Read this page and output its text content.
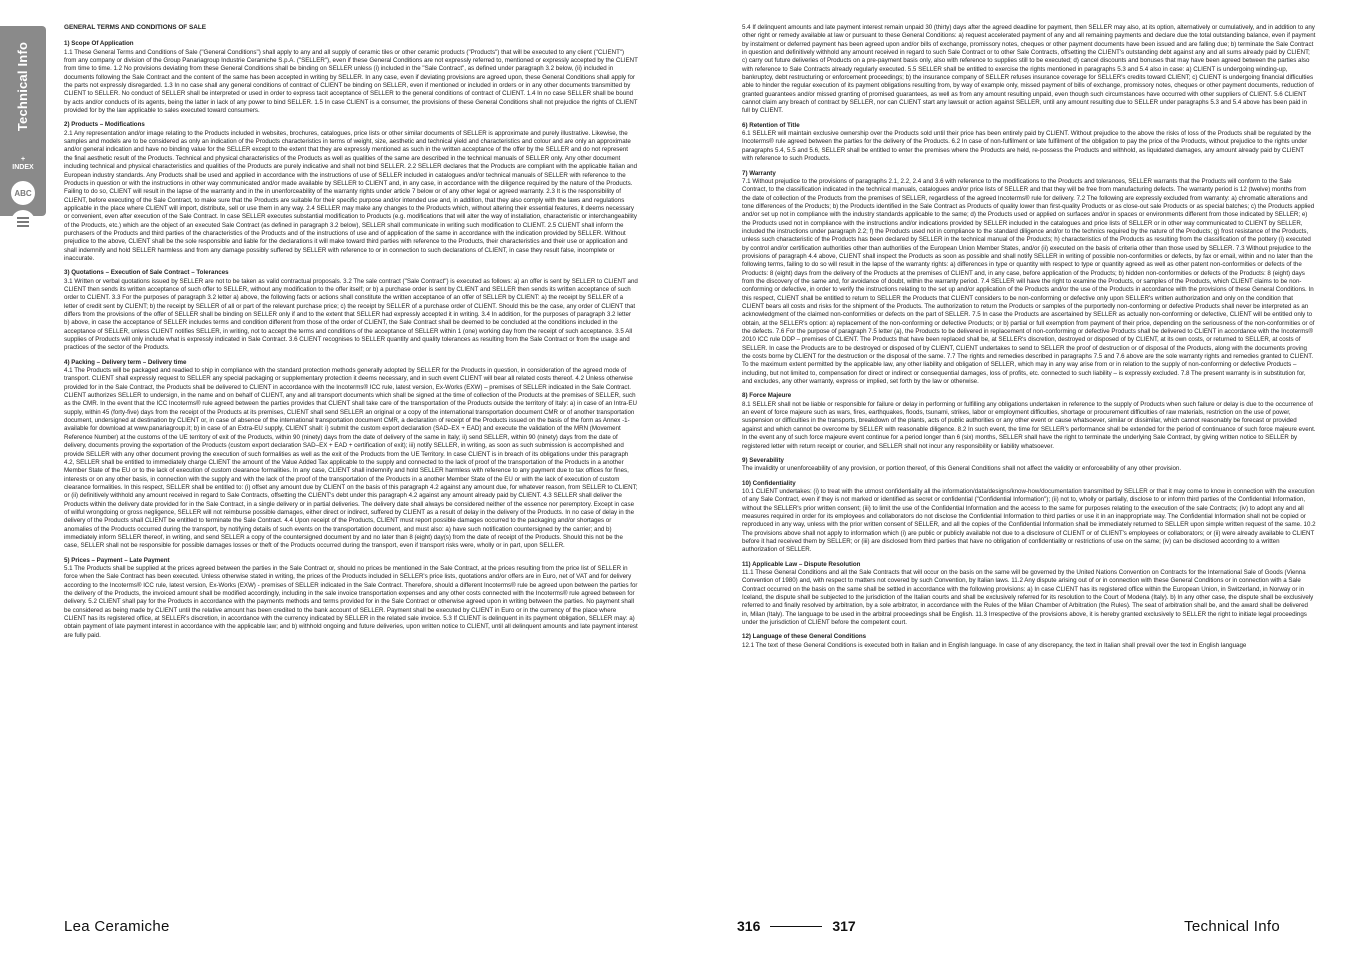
Technical Info
+
INDEX
ABC
GENERAL TERMS AND CONDITIONS OF SALE
1) Scope Of Application

1.1 These General Terms and Conditions of Sale ("General Conditions") shall apply to any and all supply of ceramic tiles or other ceramic products ("Products") that will be executed to any client ("CLIENT") from any company or division of the Group Panariagroup Industrie Ceramiche S.p.A. ("SELLER"), even if these General Conditions are not expressly referred to, mentioned or expressly accepted by the CLIENT from time to time. 1.2 No provisions deviating from these General Conditions shall be binding on SELLER unless (i) included in the "Sale Contract", as defined under paragraph 3.2 below, (ii) included in documents following the Sale Contract and the content of the same has been accepted in writing by SELLER. In any case, even if deviating provisions are agreed upon, these General Conditions shall apply for the parts not expressly disregarded. 1.3 In no case shall any general conditions of contract of CLIENT be binding on SELLER, even if mentioned or included in orders or in any other documents transmitted by CLIENT to SELLER. No conduct of SELLER shall be interpreted or used in order to express tacit acceptance of SELLER to the general conditions of contract of CLIENT. 1.4 In no case SELLER shall be bound by acts and/or conducts of its agents, being the latter in lack of any power to bind SELLER. 1.5 In case CLIENT is a consumer, the provisions of these General Conditions shall not prejudice the rights of CLIENT provided for by the law applicable to sales executed toward consumers.

2) Products – Modifications

2.1 Any representation and/or image relating to the Products included in websites, brochures, catalogues, price lists or other similar documents of SELLER is approximate and purely illustrative. Likewise, the samples and models are to be considered as only an indication of the Products characteristics in terms of weight, size, aesthetic and technical yield and characteristics and colour and are only an approximate and/or general indication and have no binding value for the SELLER except to the extent that they are expressly mentioned as such in the written acceptance of the offer by the SELLER and do not represent the final aesthetic result of the Products. Technical and physical characteristics of the Products as well as qualities of the same are described in the technical manuals of SELLER only. Any other document including technical and physical characteristics and qualities of the Products are purely indicative and shall not bind SELLER. 2.2 SELLER declares that the Products are compliant with the applicable Italian and European industry standards. Any Products shall be used and applied in accordance with the instructions of use of SELLER included in catalogues and/or technical manuals of SELLER with reference to the Products in question or with the instructions in other way communicated and/or made available by SELLER to CLIENT and, in any case, in accordance with the diligence required by the nature of the Products. Failing to do so, CLIENT will result in the lapse of the warranty and in the in unenforceability of the warranty rights under article 7 below or of any other legal or agreed warranty. 2.3 It is the responsibility of CLIENT, before executing of the Sale Contract, to make sure that the Products are suitable for their specific purpose and/or intended use and, in addition, that they also comply with the laws and regulations applicable in the place where CLIENT will import, distribute, sell or use them in any way. 2.4 SELLER may make any changes to the Products which, without altering their essential features, it deems necessary or convenient, even after execution of the Sale Contract. In case SELLER executes substantial modification to Products (e.g. modifications that will alter the way of installation, characteristic or interchangeability of the Products, etc.) which are the object of an executed Sale Contract (as defined in paragraph 3.2 below), SELLER shall communicate in writing such modification to CLIENT. 2.5 CLIENT shall inform the purchasers of the Products and third parties of the characteristics of the Products and of the instructions of use and of application of the same in accordance with the indication provided by SELLER. Without prejudice to the above, CLIENT shall be the sole responsible and liable for the declarations it will make toward third parties with reference to the Products, their characteristics and their use or application and shall indemnify and hold SELLER harmless and from any damage possibly suffered by SELLER with reference to or in connection to such declarations of CLIENT, in case they result false, incomplete or inaccurate.

3) Quotations – Execution of Sale Contract – Tolerances

3.1 Written or verbal quotations issued by SELLER are not to be taken as valid contractual proposals. 3.2 The sale contract ("Sale Contract") is executed as follows: a) an offer is sent by SELLER to CLIENT and CLIENT then sends its written acceptance of such offer to SELLER, without any modification to the offer itself; or b) a purchase order is sent by CLIENT and SELLER then sends its written acceptance of such order to CLIENT. 3.3 For the purposes of paragraph 3.2 letter a) above, the following facts or actions shall constitute the written acceptance of an offer of SELLER by CLIENT: a) the receipt by SELLER of a letter of credit sent by CLIENT; b) the receipt by SELLER of all or part of the relevant purchase price; c) the receipt by SELLER of a purchase order of CLIENT. Should this be the case, any order of CLIENT that differs from the provisions of the offer of SELLER shall be binding on SELLER only if and to the extent that SELLER had expressly accepted it in writing. 3.4 In addition, for the purposes of paragraph 3.2 letter b) above, in case the acceptance of SELLER includes terms and condition different from those of the order of CLIENT, the Sale Contract shall be deemed to be concluded at the conditions included in the acceptance of SELLER, unless CLIENT notifies SELLER, in writing, not to accept the terms and conditions of the acceptance of SELLER within 1 (one) working day from the receipt of such acceptance. 3.5 All supplies of Products will only include what is expressly indicated in Sale Contract. 3.6 CLIENT recognises to SELLER quantity and quality tolerances as resulting from the Sale Contract or from the usage and practices of the sector of the Products.

4) Packing – Delivery term – Delivery time

4.1 The Products will be packaged and readied to ship in compliance with the standard protection methods generally adopted by SELLER for the Products in question, in consideration of the agreed mode of transport. CLIENT shall expressly request to SELLER any special packaging or supplementary protection it deems necessary, and in such event CLIENT will bear all related costs thereof. 4.2 Unless otherwise provided for in the Sale Contract, the Products shall be delivered to CLIENT in accordance with the Incoterms® ICC rule, latest version, Ex-Works (EXW) – premises of SELLER indicated in the Sale Contract. CLIENT authorizes SELLER to undersign, in the name and on behalf of CLIENT, any and all transport documents which shall be signed at the time of collection of the Products at the premises of SELLER, such as the CMR. In the event that the ICC Incoterms® rule agreed between the parties provides that CLIENT shall take care of the transportation of the Products outside the territory of Italy: a) in case of an Intra-EU supply, within 45 (forty-five) days from the receipt of the Products at its premises, CLIENT shall send SELLER an original or a copy of the international transportation document CMR or of another transportation document, undersigned at destination by CLIENT or, in case of absence of the international transportation document CMR, a declaration of receipt of the Products issued on the basis of the form as Annex -1- available for download at www.panariagroup.it; b) in case of an Extra-EU supply, CLIENT shall: i) submit the custom export declaration (SAD–EX + EAD) and execute the validation of the MRN (Movement Reference Number) at the customs of the UE territory of exit of the Products, within 90 (ninety) days from the date of delivery of the same in Italy; ii) send SELLER, within 90 (ninety) days from the date of delivery, documents proving the exportation of the Products (custom export declaration SAD–EX + EAD + certification of exit); iii) notify SELLER, in writing, as soon as such submission is accomplished and provide SELLER with any other document proving the execution of such formalities as well as the exit of the Products from the UE Territory. In case CLIENT is in breach of its obligations under this paragraph 4.2, SELLER shall be entitled to immediately charge CLIENT the amount of the Value Added Tax applicable to the supply and connected to the lack of proof of the transportation of the Products in a another Member State of the EU or to the lack of execution of custom clearance formalities. In any case, CLIENT shall indemnify and hold SELLER harmless with reference to any payment due to tax offices for fines, interests or on any other basis, in connection with the supply and with the lack of the proof of the transportation of the Products in a another Member State of the EU or with the lack of execution of custom clearance formalities. In this respect, SELLER shall be entitled to: (i) offset any amount due by CLIENT on the basis of this paragraph 4.2 against any amount due, for whatever reason, from SELLER to CLIENT; or (ii) definitively withhold any amount received in regard to Sale Contracts, offsetting the CLIENT's debt under this paragraph 4.2 against any amount already paid by CLIENT. 4.3 SELLER shall deliver the Products within the delivery date provided for in the Sale Contract, in a single delivery or in partial deliveries. The delivery date shall always be considered neither of the essence nor peremptory. Except in case of wilful wrongdoing or gross negligence, SELLER will not reimburse possible damages, either direct or indirect, suffered by CLIENT as a result of delay in the delivery of the Products. In no case of delay in the delivery of the Products shall CLIENT be entitled to terminate the Sale Contract. 4.4 Upon receipt of the Products, CLIENT must report possible damages occurred to the packaging and/or shortages or anomalies of the Products occurred during the transport, by notifying details of such events on the transportation document, and must also: a) have such notification countersigned by the carrier; and b) immediately inform SELLER thereof, in writing, and send SELLER a copy of the countersigned document by and no later than 8 (eight) day(s) from the date of receipt of the Products. Should this not be the case, SELLER shall not be responsible for possible damages losses or theft of the Products occurred during the transport, even if transport risks were, wholly or in part, upon SELLER.

5) Prices – Payment – Late Payment

5.1 The Products shall be supplied at the prices agreed between the parties in the Sale Contract or, should no prices be mentioned in the Sale Contract, at the prices resulting from the price list of SELLER in force when the Sale Contract has been executed. Unless otherwise stated in writing, the prices of the Products included in SELLER's price lists, quotations and/or offers are in Euro, net of VAT and for delivery according to the Incoterms® ICC rule, latest version, Ex-Works (EXW) - premises of SELLER indicated in the Sale Contract. Therefore, should a different Incoterms® rule be agreed upon between the parties for the delivery of the Products, the invoiced amount shall be modified accordingly, including in the sale invoice transportation expenses and any other costs connected with the Incoterms® rule agreed between for delivery. 5.2 CLIENT shall pay for the Products in accordance with the payments methods and terms provided for in the Sale Contract or otherwise agreed upon in writing between the parties. No payment shall be considered as being made by CLIENT until the relative amount has been credited to the bank account of SELLER. Payment shall be executed by CLIENT in Euro or in the currency of the place where CLIENT has its registered office, at SELLER's discretion, in accordance with the currency indicated by SELLER in the related sale invoice. 5.3 If CLIENT is delinquent in its payment obligation, SELLER may: a) obtain payment of late payment interest in accordance with the applicable law; and b) withhold ongoing and future deliveries, upon written notice to CLIENT, until all delinquent amounts and late payment interest are fully paid.

5.4 If delinquent amounts and late payment interest remain unpaid 30 (thirty) days after the agreed deadline for payment, then SELLER may also, at its option, alternatively or cumulatively, and in addition to any other right or remedy available at law or pursuant to these General Conditions: a) request accelerated payment of any and all remaining payments and declare due the total outstanding balance, even if payment by instalment or deferred payment has been agreed upon and/or bills of exchange, promissory notes, cheques or other payment documents have been issued and are falling due; b) terminate the Sale Contract in question and definitively withhold any amount received in regard to such Sale Contract or to other Sale Contracts, offsetting the CLIENT's outstanding debt against any and all sums already paid by CLIENT; c) carry out future deliveries of Products on a pre-payment basis only, also with reference to supplies still to be executed; d) cancel discounts and bonuses that may have been agreed between the parties also with reference to Sale Contracts already regularly executed. 5.5 SELLER shall be entitled to exercise the rights mentioned in paragraphs 5.3 and 5.4 also in case: a) CLIENT is undergoing winding-up, bankruptcy, debt restructuring or enforcement proceedings; b) the insurance company of SELLER refuses insurance coverage for SELLER's credits toward CLIENT; c) CLIENT is undergoing financial difficulties able to hinder the regular execution of its payment obligations resulting from, by way of example only, missed payment of bills of exchange, promissory notes, cheques or other payment documents, reduction of granted guarantees and/or missed granting of promised guarantees, as well as from any amount resulting unpaid, even though such circumstances have occurred with other suppliers of CLIENT. 5.6 CLIENT cannot claim any breach of contract by SELLER, nor can CLIENT start any lawsuit or action against SELLER, until any amount resulting due to SELLER under paragraphs 5.3 and 5.4 above has been paid in full by CLIENT.

6) Retention of Title

6.1 SELLER will maintain exclusive ownership over the Products sold until their price has been entirely paid by CLIENT. Without prejudice to the above the risks of loss of the Products shall be regulated by the Incoterms® rule agreed between the parties for the delivery of the Products. 6.2 In case of non-fulfilment or late fulfilment of the obligation to pay the price of the Products, without prejudice to the rights under paragraphs 5.4, 5.5 and 5.6, SELLER shall be entitled to enter the premises where the Products are held, re-possess the Products and withhold, as liquidated damages, any amount already paid by CLIENT with reference to such Products.

7) Warranty

7.1 Without prejudice to the provisions of paragraphs 2.1, 2.2, 2.4 and 3.6 with reference to the modifications to the Products and tolerances, SELLER warrants that the Products will conform to the Sale Contract, to the classification indicated in the technical manuals, catalogues and/or price lists of SELLER and that they will be free from manufacturing defects. The warranty period is 12 (twelve) months from the date of collection of the Products from the premises of SELLER, regardless of the agreed Incoterms® rule for delivery. 7.2 The following are expressly excluded from warranty: a) chromatic alterations and tone differences of the Products; b) the Products identified in the Sale Contract as Products of quality lower than first-quality Products or as close-out sale Products or as special batches; c) the Products applied and/or set up not in compliance with the industry standards applicable to the same; d) the Products used or applied on surfaces and/or in spaces or environments different from those indicated by SELLER; e) the Products used not in compliance with the instructions and/or indications provided by SELLER included in the catalogues and price lists of SELLER or in other way communicated to CLIENT by SELLER, included the instructions under paragraph 2.2; f) the Products used not in compliance to the standard diligence and/or to the technics required by the nature of the Products; g) frost resistance of the Products, unless such characteristic of the Products has been declared by SELLER in the technical manual of the Products; h) characteristics of the Products as resulting from the classification of the pottery (i) executed by control and/or certification authorities other than authorities of the European Union Member States, and/or (ii) executed on the basis of criteria other than those used by SELLER. 7.3 Without prejudice to the provisions of paragraph 4.4 above, CLIENT shall inspect the Products as soon as possible and shall notify SELLER in writing of possible non-conformities or defects, by fax or email, within and no later than the following terms, failing to do so will result in the lapse of the warranty rights: a) differences in type or quantity with respect to type or quantity agreed as well as other patent non-conformities or defects of the Products: 8 (eight) days from the delivery of the Products at the premises of CLIENT and, in any case, before application of the Products; b) hidden non-conformities or defects of the Products: 8 (eight) days from the discovery of the same and, for avoidance of doubt, within the warranty period. 7.4 SELLER will have the right to examine the Products, or samples of the Products, which CLIENT claims to be non-conforming or defective, in order to verify the instructions relating to the set up and/or application of the Products and/or the use of the Products in accordance with the provisions of these General Conditions. In this respect, CLIENT shall be entitled to return to SELLER the Products that CLIENT considers to be non-conforming or defective only upon SELLER's written authorization and only on the condition that CLIENT bears all costs and risks for the shipment of the Products. The authorization to return the Products or samples of the purportedly non-conforming or defective Products shall never be interpreted as an acknowledgment of the claimed non-conformities or defects on the part of SELLER. 7.5 In case the Products are ascertained by SELLER as actually non-conforming or defective, CLIENT will be entitled only to obtain, at the SELLER's option: a) replacement of the non-conforming or defective Products; or b) partial or full exemption from payment of their price, depending on the seriousness of the non-conformities or of the defects. 7.6 For the purpose of paragraph 7.5 letter (a), the Products to be delivered in replacement of non-conforming or defective Products shall be delivered to CLIENT in accordance with the Incoterms® 2010 ICC rule DDP – premises of CLIENT. The Products that have been replaced shall be, at SELLER's discretion, destroyed or disposed of by CLIENT, at its own costs, or returned to SELLER, at costs of SELLER. In case the Products are to be destroyed or disposed of by CLIENT, CLIENT undertakes to send to SELLER the proof of destruction or of disposal of the Products, along with the documents proving the costs borne by CLIENT for the destruction or the disposal of the same. 7.7 The rights and remedies described in paragraphs 7.5 and 7.6 above are the sole warranty rights and remedies granted to CLIENT. To the maximum extent permitted by the applicable law, any other liability and obligation of SELLER, which may in any way arise from or in relation to the supply of non-conforming or defective Products – including, but not limited to, compensation for direct or indirect or consequential damages, loss of profits, etc. connected to such liability – is expressly excluded. 7.8 The present warranty is in substitution for, and excludes, any other warranty, express or implied, set forth by the law or otherwise.

8) Force Majeure

8.1 SELLER shall not be liable or responsible for failure or delay in performing or fulfilling any obligations undertaken in reference to the supply of Products when such failure or delay is due to the occurrence of an event of force majeure such as wars, fires, earthquakes, floods, tsunami, strikes, labor or employment difficulties, shortage or procurement difficulties of raw materials, restriction on the use of power, suspension or difficulties in the transports, breakdown of the plants, acts of public authorities or any other event or cause whatsoever, similar or dissimilar, which cannot reasonably be forecast or provided against and which cannot be overcome by SELLER with reasonable diligence. 8.2 In such event, the time for SELLER's performance shall be extended for the period of continuance of such force majeure event. In the event any of such force majeure event continue for a period longer than 6 (six) months, SELLER shall have the right to terminate the underlying Sale Contract, by giving written notice to SELLER by registered letter with return receipt or courier, and SELLER shall not incur any responsibility or liability whatsoever.

9) Severability

The invalidity or unenforceability of any provision, or portion thereof, of this General Conditions shall not affect the validity or enforceability of any other provision.

10) Confidentiality

10.1 CLIENT undertakes: (i) to treat with the utmost confidentiality all the information/data/designs/know-how/documentation transmitted by SELLER or that it may come to know in connection with the execution of any Sale Contract, even if they is not marked or identified as secret or confidential ("Confidential Information"); (ii) not to, wholly or partially, disclose to or inform third parties of the Confidential Information, without the SELLER's prior written consent; (iii) to limit the use of the Confidential Information and the access to the same for purposes relating to the execution of the sale Contracts; (iv) to adopt any and all measures required in order for its employees and collaborators do not disclose the Confidential Information to third parties or use it in an inappropriate way. The Confidential Information shall not be copied or reproduced in any way, unless with the prior written consent of SELLER, and all the copies of the Confidential Information shall be immediately returned to SELLER upon simple written request of the same. 10.2 The provisions above shall not apply to information which (i) are public or publicly available not due to a disclosure of CLIENT or of CLIENT's employees or collaborators; or (ii) were already available to CLIENT before it had received them by SELLER; or (iii) are disclosed from third parties that have no obligation of confidentiality or restrictions of use on the same; (iv) can be disclosed according to a written authorization of SELLER.

11) Applicable Law – Dispute Resolution

11.1 These General Conditions and all the Sale Contracts that will occur on the basis on the same will be governed by the United Nations Convention on Contracts for the International Sale of Goods (Vienna Convention of 1980) and, with respect to matters not covered by such Convention, by Italian laws. 11.2 Any dispute arising out of or in connection with these General Conditions or in connection with a Sale Contract occurred on the basis on the same shall be settled in accordance with the following provisions: a) In case CLIENT has its registered office within the European Union, in Switzerland, in Norway or in Iceland, the dispute shall be subjected to the jurisdiction of the Italian courts and shall be exclusively referred for its resolution to the Court of Modena (Italy). b) In any other case, the dispute shall be exclusively referred to and finally resolved by arbitration, by a sole arbitrator, in accordance with the Rules of the Milan Chamber of Arbitration (the Rules). The seat of arbitration shall be, and the award shall be delivered in, Milan (Italy). The language to be used in the arbitral proceedings shall be English. 11.3 Irrespective of the provisions above, it is hereby granted exclusively to SELLER the right to initiate legal proceedings under the jurisdiction of CLIENT before the competent court.

12) Language of these General Conditions

12.1 The text of these General Conditions is executed both in Italian and in English language. In case of any discrepancy, the text in Italian shall prevail over the text in English language

Lea Ceramiche	316	317	Technical Info
